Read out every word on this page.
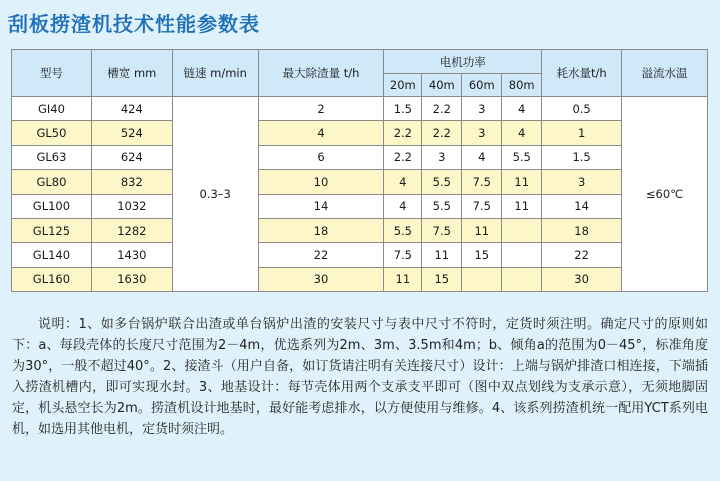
刮板捞渣机技术性能参数表
型号	槽宽 mm	链速 m/min	最大除渣量 t/h	电机功率				耗水量t/h	溢流水温
				20m	40m	60m	80m		
GI40	424	0.3–3	2	1.5	2.2	3	4	0.5	≤60℃
GL50	524		4	2.2	2.2	3	4	1	
GL63	624		6	2.2	3	4	5.5	1.5	
GL80	832		10	4	5.5	7.5	11	3	
GL100	1032		14	4	5.5	7.5	11	14	
GL125	1282		18	5.5	7.5	11		18	
GL140	1430		22	7.5	11	15		22	
GL160	1630		30	11	15			30	
说明：1、如多台锅炉联合出渣或单台锅炉出渣的安装尺寸与表中尺寸不符时，定货时须注明。确定尺寸的原则如下：a、每段壳体的长度尺寸范围为2－4m，优选系列为2m、3m、3.5m和4m；b、倾角a的范围为0－45°，标准角度为30°，一般不超过40°。2、接渣斗（用户自备，如订货请注明有关连接尺寸）设计：上端与锅炉排渣口相连接，下端插入捞渣机槽内，即可实现水封。3、地基设计：每节壳体用两个支承支平即可（图中双点划线为支承示意），无须地脚固定，机头悬空长为2m。捞渣机设计地基时，最好能考虑排水，以方便使用与维修。4、该系列捞渣机统一配用YCT系列电机，如选用其他电机，定货时须注明。
